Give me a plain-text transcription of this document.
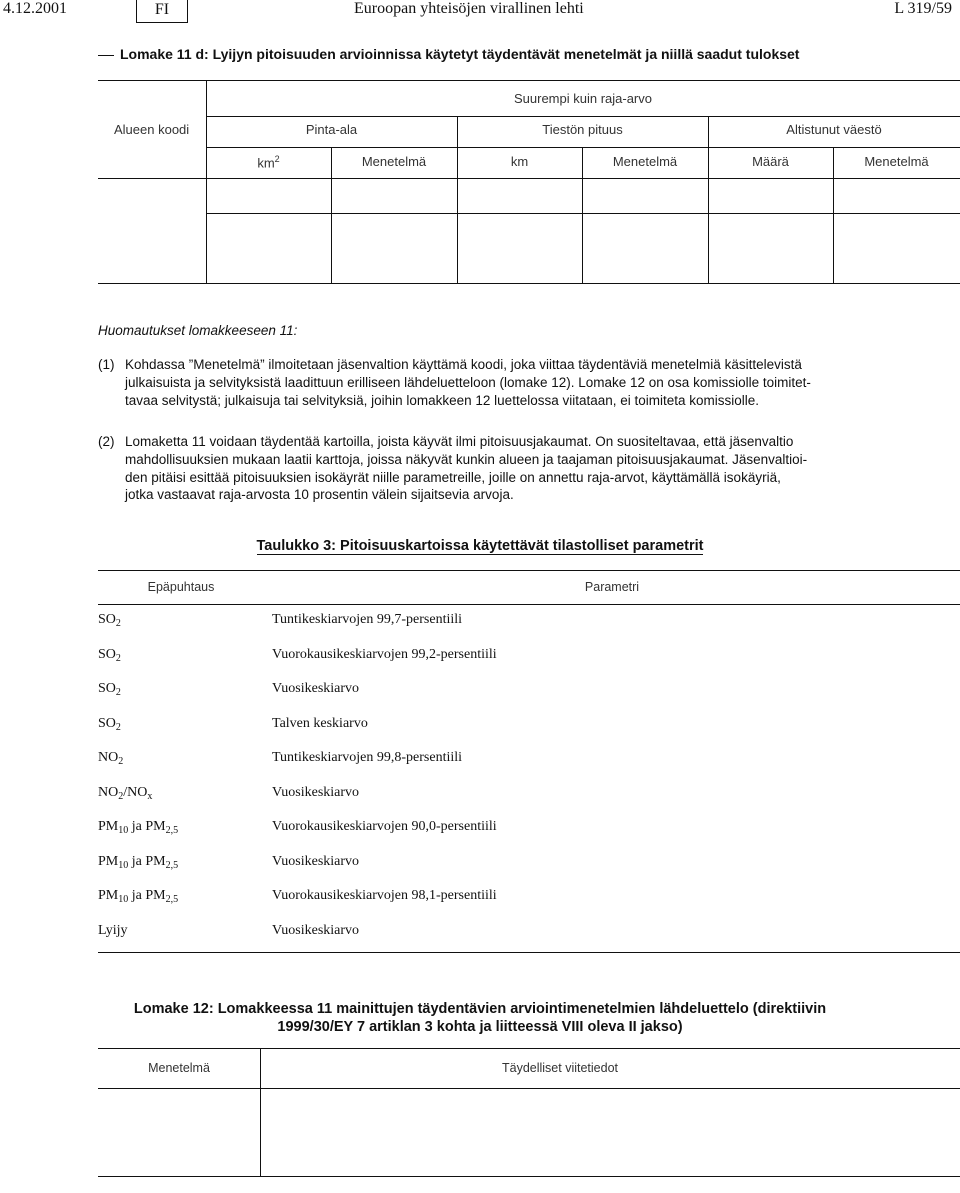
4.12.2001	FI	Euroopan yhteisöjen virallinen lehti	L 319/59
Lomake 11 d: Lyijyn pitoisuuden arvioinnissa käytetyt täydentävät menetelmät ja niillä saadut tulokset
Alueen koodi
Suurempi kuin raja-arvo
Pinta-ala	Tiestön pituus	Altistunut väestö
$km^2$	Menetelmä	km	Menetelmä	Määrä	Menetelmä
Huomautukset lomakkeeseen 11:
(1) Kohdassa ”Menetelmä” ilmoitetaan jäsenvaltion käyttämä koodi, joka viittaa täydentäviä menetelmiä käsittelevistä
julkaisuista ja selvityksistä laadittuun erilliseen lähdeluetteloon (lomake 12). Lomake 12 on osa komissiolle toimitet-
tavaa selvitystä; julkaisuja tai selvityksiä, joihin lomakkeen 12 luettelossa viitataan, ei toimiteta komissiolle.
(2) Lomaketta 11 voidaan täydentää kartoilla, joista käyvät ilmi pitoisuusjakaumat. On suositeltavaa, että jäsenvaltio
mahdollisuuksien mukaan laatii karttoja, joissa näkyvät kunkin alueen ja taajaman pitoisuusjakaumat. Jäsenvaltioi-
den pitäisi esittää pitoisuuksien isokäyrät niille parametreille, joille on annettu raja-arvot, käyttämällä isokäyriä,
jotka vastaavat raja-arvosta 10 prosentin välein sijaitsevia arvoja.
Taulukko 3: Pitoisuuskartoissa käytettävät tilastolliset parametrit
Epäpuhtaus	Parametri
$SO_2$	Tuntikeskiarvojen 99,7-persentiili
$SO_2$	Vuorokausikeskiarvojen 99,2-persentiili
$SO_2$	Vuosikeskiarvo
$SO_2$	Talven keskiarvo
$NO_2$	Tuntikeskiarvojen 99,8-persentiili
$NO_2/NO_x$	Vuosikeskiarvo
$PM_{10}$ ja $PM_{2,5}$	Vuorokausikeskiarvojen 90,0-persentiili
$PM_{10}$ ja $PM_{2,5}$	Vuosikeskiarvo
$PM_{10}$ ja $PM_{2,5}$	Vuorokausikeskiarvojen 98,1-persentiili
Lyijy	Vuosikeskiarvo
Lomake 12: Lomakkeessa 11 mainittujen täydentävien arviointimenetelmien lähdeluettelo (direktiivin
1999/30/EY 7 artiklan 3 kohta ja liitteessä VIII oleva II jakso)
Menetelmä	Täydelliset viitetiedot
